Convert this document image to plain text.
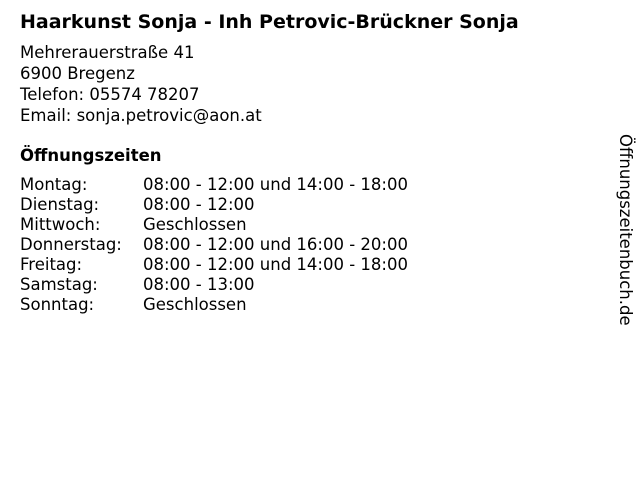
Haarkunst Sonja - Inh Petrovic-Brückner Sonja
Mehrerauerstraße 41
6900 Bregenz
Telefon: 05574 78207
Email: sonja.petrovic@aon.at
Öffnungszeiten
Montag:	08:00 - 12:00 und 14:00 - 18:00
Dienstag:	08:00 - 12:00
Mittwoch:	Geschlossen
Donnerstag:	08:00 - 12:00 und 16:00 - 20:00
Freitag:	08:00 - 12:00 und 14:00 - 18:00
Samstag:	08:00 - 13:00
Sonntag:	Geschlossen	Öffnungszeitenbuch.de
